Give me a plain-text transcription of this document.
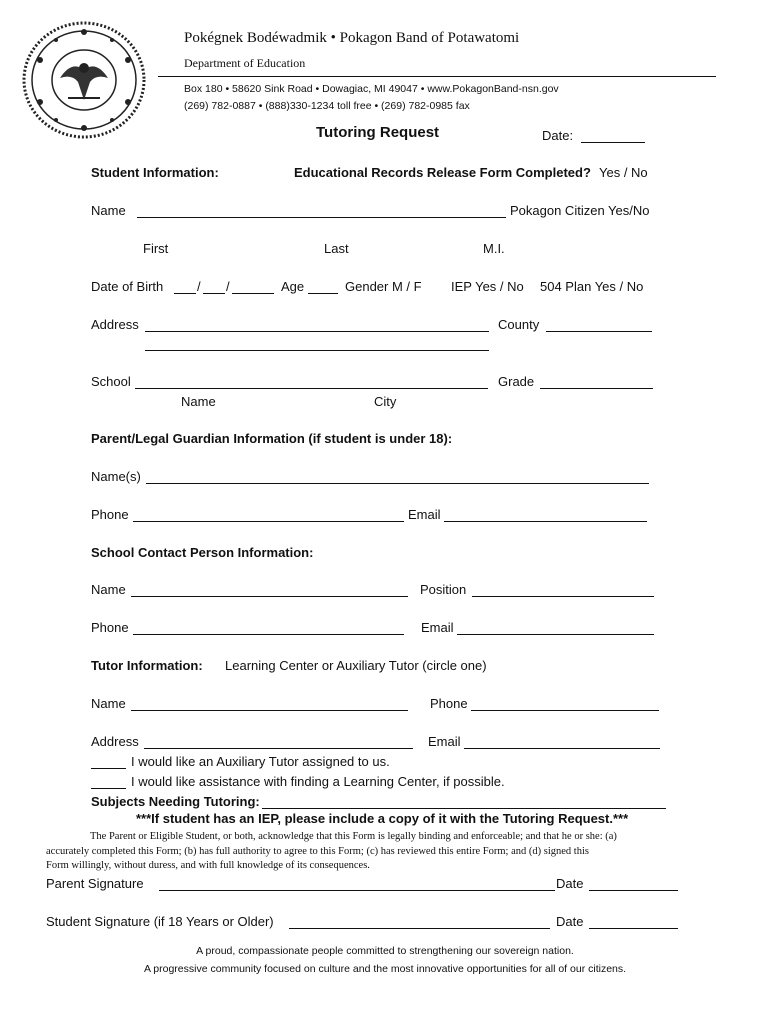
Pokégnek Bodéwadmik • Pokagon Band of Potawatomi
Department of Education
Box 180 • 58620 Sink Road • Dowagiac, MI 49047 • www.PokagonBand-nsn.gov
(269) 782-0887 • (888)330-1234 toll free • (269) 782-0985 fax
Tutoring Request	Date:
Student Information:	Educational Records Release Form Completed? Yes / No
Name	Pokagon Citizen Yes/No
First	Last	M.I.
Date of Birth	/ /	Age	Gender M / F IEP Yes / No 504 Plan Yes / No
Address	County
School	Grade
Name	City
Parent/Legal Guardian Information (if student is under 18):
Name(s)
Phone	Email
School Contact Person Information:
Name	Position
Phone	Email
Tutor Information: Learning Center or Auxiliary Tutor (circle one)
Name	Phone
Address	Email
I would like an Auxiliary Tutor assigned to us.
I would like assistance with finding a Learning Center, if possible.
Subjects Needing Tutoring:
***If student has an IEP, please include a copy of it with the Tutoring Request.***
The Parent or Eligible Student, or both, acknowledge that this Form is legally binding and enforceable; and that he or she: (a)
accurately completed this Form; (b) has full authority to agree to this Form; (c) has reviewed this entire Form; and (d) signed this
Form willingly, without duress, and with full knowledge of its consequences.
Parent Signature	Date
Student Signature (if 18 Years or Older)	Date
A proud, compassionate people committed to strengthening our sovereign nation.
A progressive community focused on culture and the most innovative opportunities for all of our citizens.
